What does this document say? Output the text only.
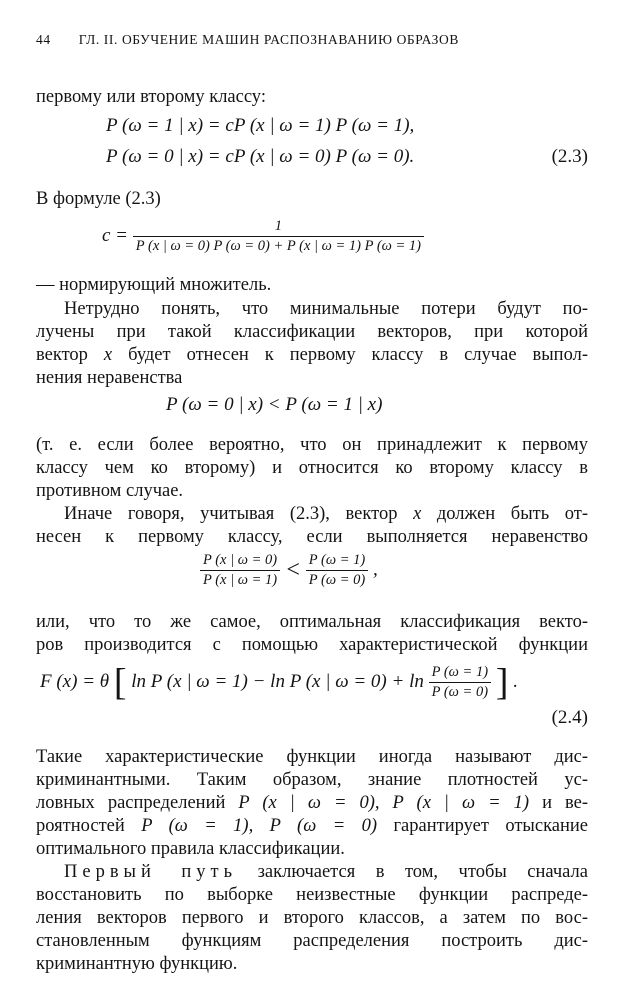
44 ГЛ. II. ОБУЧЕНИЕ МАШИН РАСПОЗНАВАНИЮ ОБРАЗОВ
первому или второму классу:
P (ω = 1 | x) = cP (x | ω = 1) P (ω = 1),
P (ω = 0 | x) = cP (x | ω = 0) P (ω = 0).	(2.3)
В формуле (2.3)
$c = \frac{1}{P (x | \omega = 0) P (\omega = 0) + P (x | \omega = 1) P (\omega = 1)}$
— нормирующий множитель.
Нетрудно понять, что минимальные потери будут по-
лучены при такой классификации векторов, при которой
вектор x будет отнесен к первому классу в случае выпол-
нения неравенства
P (ω = 0 | x) < P (ω = 1 | x)
(т. е. если более вероятно, что он принадлежит к первому
классу чем ко второму) и относится ко второму классу в
противном случае.
Иначе говоря, учитывая (2.3), вектор x должен быть от-
несен к первому классу, если выполняется неравенство
$\frac{P (x | \omega = 0)}{P (x | \omega = 1)} < \frac{P (\omega = 1)}{P (\omega = 0)}$ ,
или, что то же самое, оптимальная классификация векто-
ров производится с помощью характеристической функции
F (x) = θ [ ln P (x | ω = 1) − ln P (x | $\omega = 0) + \ln \frac{P (\omega = 1)}{P (\omega = 0)}$ ] .
(2.4)
Такие характеристические функции иногда называют дис-
криминантными. Таким образом, знание плотностей ус-
ловных распределений P (x | ω = 0), P (x | ω = 1) и ве-
роятностей P (ω = 1), P (ω = 0) гарантирует отыскание
оптимального правила классификации.
Первый путь заключается в том, чтобы сначала
восстановить по выборке неизвестные функции распреде-
ления векторов первого и второго классов, а затем по вос-
становленным функциям распределения построить дис-
криминантную функцию.
